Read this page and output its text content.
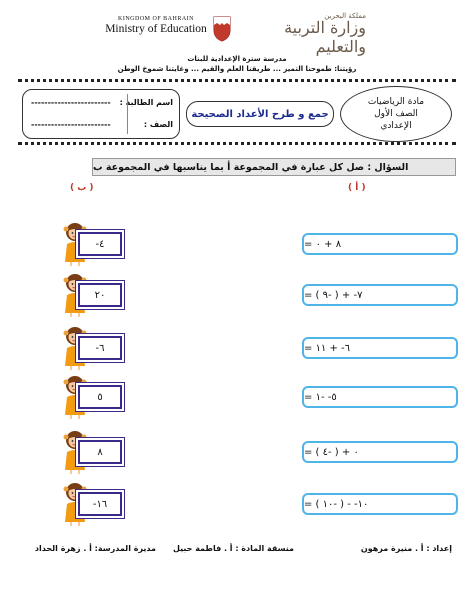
KINGDOM OF BAHRAIN
Ministry of Education
مملكة البحرين
وزارة التربية والتعليم
مدرسة سترة الإعدادية للبنات
رؤيتنا: طموحنا التميز ... طريقنا العلم والقيم ... وغايتنا شموخ الوطن
اسم الطالبة :
------------------------
الصف :
------------------------
جمع و طرح الأعداد الصحيحة
مادة الرياضيات
الصف الأول
الإعدادي
السؤال : صل كل عبارة في المجموعة أ بما يناسبها في المجموعة ب
( ب )	( أ )
٤-
٢٠
٦-
٥
٨
١٦-
٨ + ٠ =
٧- + ( -٩ ) =
٦- + ١١ =
٥- -١ =
٠ + ( -٤ ) =
١٠- - ( -١٠ ) =
إعداد : أ . منيرة مرهون
منسقة المادة : أ . فاطمة حبيل
مديرة المدرسة: أ . زهرة الحداد
